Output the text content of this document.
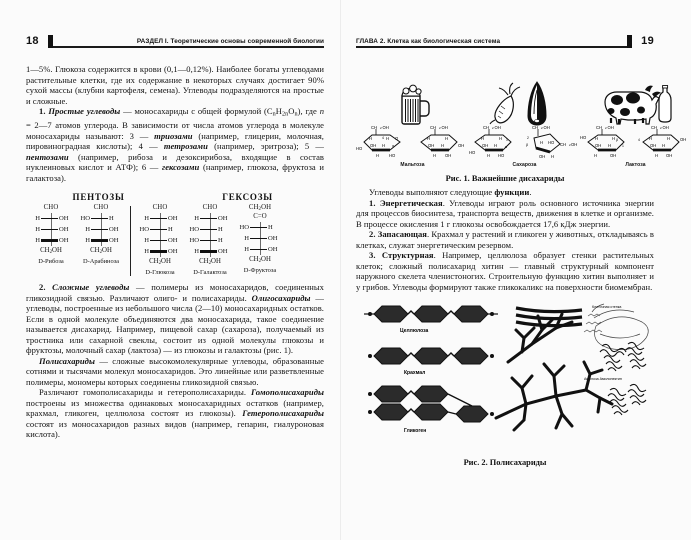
18	РАЗДЕЛ I. Теоретические основы современной биологии

1—5%. Глюкоза содержится в крови (0,1—0,12%). Наиболее богаты углеводами растительные клетки, где их содержание в некоторых случаях достигает 90% сухой массы (клубни картофеля, семена). Углеводы подразделяются на простые и сложные.

1. Простые углеводы — моносахариды с общей формулой $(C_nH_{2n}O_n)$, где n = 2—7 атомов углерода. В зависимости от числа атомов углерода в молекуле моносахариды называют: 3 — триозами (например, глицерин, молочная, пировиноградная кислоты); 4 — тетрозами (например, эритроза); 5 — пентозами (например, рибоза и дезоксирибоза, входящие в состав нуклеиновых кислот и АТФ); 6 — гексозами (например, глюкоза, фруктоза и галактоза).

ПЕНТОЗЫ	ГЕКСОЗЫ
CHO
H	OH
H	OH
H	OH
$CH_2OH$
D-Рибоза
CHO
HO	H
H	OH
H	OH
$CH_2OH$
D-Арабиноза
CHO
H	OH
HO	H
H	OH
H	OH
$CH_2OH$
D-Глюкоза
CHO
H	OH
HO	H
HO	H
H	OH
$CH_2OH$
D-Галактоза
$CH_2OH$
C=O
HO	H
H	OH
H	OH
$CH_2OH$
D-Фруктоза

2. Сложные углеводы — полимеры из моносахаридов, соединенных гликозидной связью. Различают олиго- и полисахариды. Олигосахариды — углеводы, построенные из небольшого числа (2—10) моносахаридных остатков. Если в одной молекуле объединяются два моносахарида, такое соединение называется дисахарид. Например, пищевой сахар (сахароза), получаемый из тростника или сахарной свеклы, состоит из одной молекулы глюкозы и фруктозы, молочный сахар (лактоза) — из глюкозы и галактозы (рис. 1).

Полисахариды — сложные высокомолекулярные углеводы, образованные сотнями и тысячами молекул моносахаридов. Это линейные или разветвленные полимеры, мономеры которых соединены гликозидной связью.

Различают гомополисахариды и гетерополисахариды. Гомополисахариды построены из множества одинаковых моносахаридных остатков (например, крахмал, гликоген, целлюлоза состоят из глюкозы). Гетерополисахариды состоят из моносахаридов разных видов (например, гепарин, гиалуроновая кислота).

ГЛАВА 2. Клетка как биологическая система	19
CH 2 OH
HO
OH H
H	H O
H HO
α
4
CH 2 OH
H	H
OH H
H OH
OH
Мальтоза
CH 2 OH
H	H
OH H
HO
H HO
1
α
CH 2 OH
2
β	H HO CH 2 OH
OH H
Сахароза
CH 2 OH
HO H	H
OH H
H	OH
β
1
CH 2 OH
H	H
OH H
OH
H OH
4
Лактоза
Рис. 1. Важнейшие дисахариды

Углеводы выполняют следующие функции.

1. Энергетическая. Углеводы играют роль основного источника энергии для процессов биосинтеза, транспорта веществ, движения в клетке и организме. В процессе окисления 1 г глюкозы освобождается 17,6 кДж энергии.

2. Запасающая. Крахмал у растений и гликоген у животных, откладываясь в клетках, служат энергетическим резервом.

3. Структурная. Например, целлюлоза образует стенки растительных клеток; сложный полисахарид хитин — главный структурный компонент наружного скелета членистоногих. Строительную функцию хитин выполняет и у грибов. Углеводы формируют также гликокаликс на поверхности биомембран.

Целлюлоза
Клеточная стенка
Амилоза Амилопектин
Крахмал
Гликоген
Рис. 2. Полисахариды
